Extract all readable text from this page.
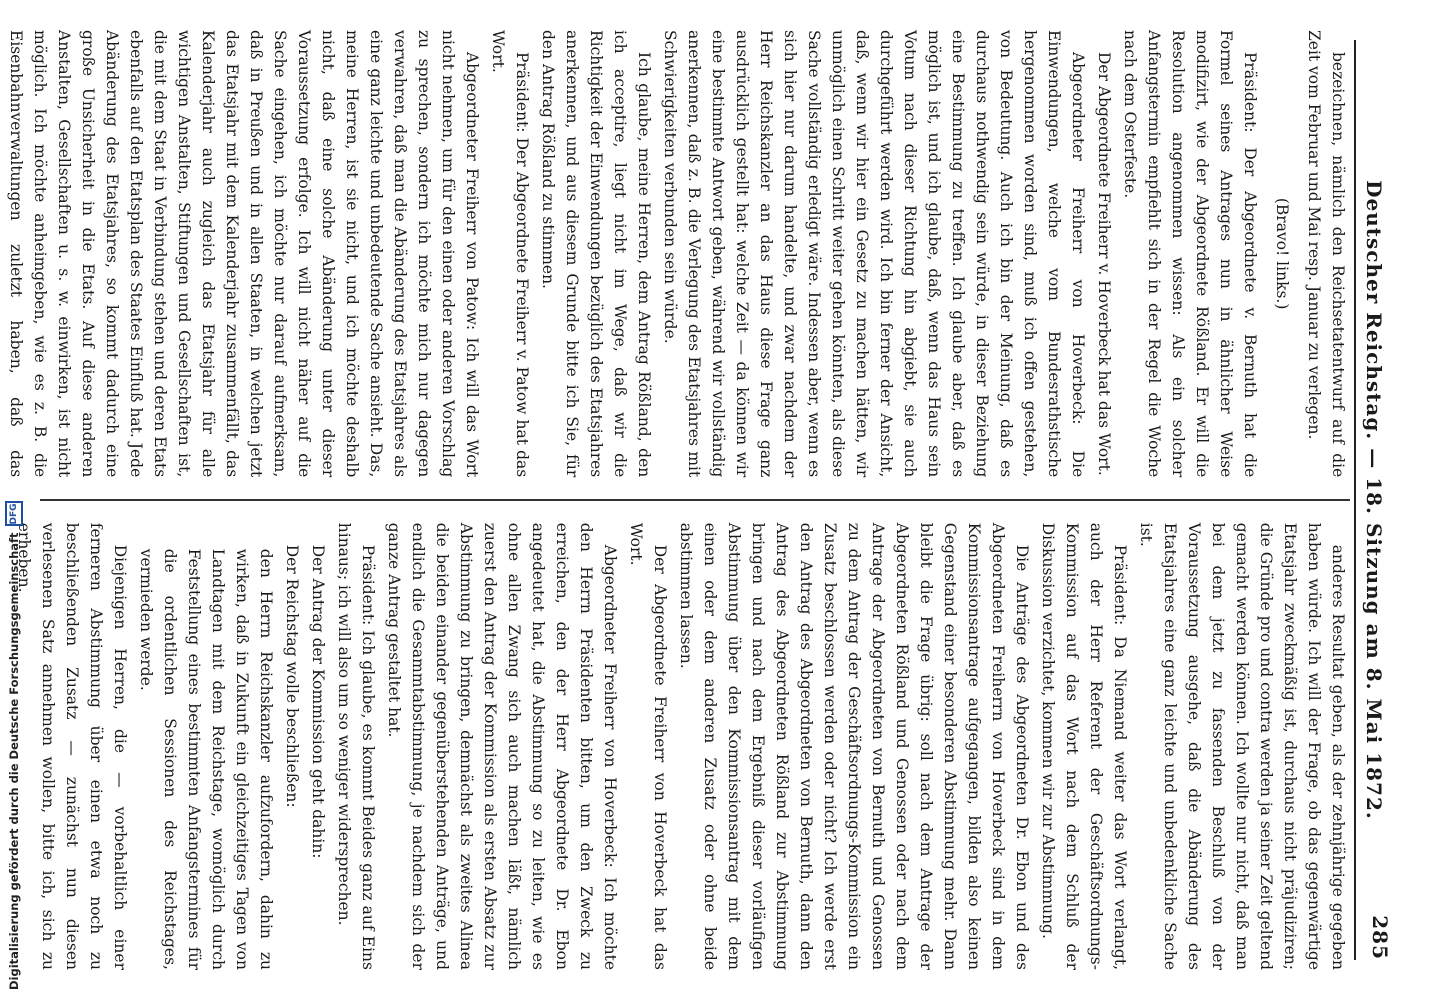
Deutscher Reichstag. — 18. Sitzung am 8. Mai 1872.
285

bezeichnen, nämlich den Reichsetatentwurf auf die Zeit vom Februar und Mai resp. Januar zu verlegen.

(Bravo! links.)

Präsident: Der Abgeordnete v. Bernuth hat die Formel seines Antrages nun in ähnlicher Weise modifizirt, wie der Abgeordnete Rößland. Er will die Resolution angenommen wissen: Als ein solcher Anfangstermin empfiehlt sich in der Regel die Woche nach dem Osterfeste.

Der Abgeordnete Freiherr v. Hoverbeck hat das Wort.

Abgeordneter Freiherr von Hoverbeck: Die Einwendungen, welche vom Bundesrathstische hergenommen worden sind, muß ich offen gestehen, von Bedeutung. Auch ich bin der Meinung, daß es durchaus nothwendig sein würde, in dieser Beziehung eine Bestimmung zu treffen. Ich glaube aber, daß es möglich ist, und ich glaube, daß, wenn das Haus sein Votum nach dieser Richtung hin abgiebt, sie auch durchgeführt werden wird. Ich bin ferner der Ansicht, daß, wenn wir hier ein Gesetz zu machen hätten, wir unmöglich einen Schritt weiter gehen könnten, als diese Sache vollständig erledigt wäre. Indessen aber, wenn es sich hier nur darum handelte, und zwar nachdem der Herr Reichskanzler an das Haus diese Frage ganz ausdrücklich gestellt hat: welche Zeit — da können wir eine bestimmte Antwort geben, während wir vollständig anerkennen, daß z. B. die Verlegung des Etatsjahres mit Schwierigkeiten verbunden sein würde.

Ich glaube, meine Herren, dem Antrag Rößland, den ich acceptire, liegt nicht im Wege, daß wir die Richtigkeit der Einwendungen bezüglich des Etatsjahres anerkennen, und aus diesem Grunde bitte ich Sie, für den Antrag Rößland zu stimmen.

Präsident: Der Abgeordnete Freiherr v. Patow hat das Wort.

Abgeordneter Freiherr von Patow: Ich will das Wort nicht nehmen, um für den einen oder anderen Vorschlag zu sprechen, sondern ich möchte mich nur dagegen verwahren, daß man die Abänderung des Etatsjahres als eine ganz leichte und unbedeutende Sache ansieht. Das, meine Herren, ist sie nicht, und ich möchte deshalb nicht, daß eine solche Abänderung unter dieser Voraussetzung erfolge. Ich will nicht näher auf die Sache eingehen, ich möchte nur darauf aufmerksam, daß in Preußen und in allen Staaten, in welchen jetzt das Etatsjahr mit dem Kalenderjahr zusammenfällt, das Kalenderjahr auch zugleich das Etatsjahr für alle wichtigen Anstalten, Stiftungen und Gesellschaften ist, die mit dem Staat in Verbindung stehen und deren Etats ebenfalls auf den Etatsplan des Staates Einfluß hat. Jede Abänderung des Etatsjahres, so kommt dadurch eine große Unsicherheit in die Etats. Auf diese anderen Anstalten, Gesellschaften u. s. w. einwirken, ist nicht möglich. Ich möchte anheimgeben, wie es z. B. die Eisenbahnverwaltungen zuletzt haben, daß das

anderes Resultat geben, als der zehnjährige gegeben haben würde. Ich will der Frage, ob das gegenwärtige Etatsjahr zweckmäßig ist, durchaus nicht präjudiziren; die Gründe pro und contra werden ja seiner Zeit geltend gemacht werden können. Ich wollte nur nicht, daß man bei dem jetzt zu fassenden Beschluß von der Voraussetzung ausgehe, daß die Abänderung des Etatsjahres eine ganz leichte und unbedenkliche Sache ist.

Präsident: Da Niemand weiter das Wort verlangt, auch der Herr Referent der Geschäftsordnungs-Kommission auf das Wort nach dem Schluß der Diskussion verzichtet, kommen wir zur Abstimmung.

Die Anträge des Abgeordneten Dr. Ebon und des Abgeordneten Freiherrn von Hoverbeck sind in dem Kommissionsantrage aufgegangen, bilden also keinen Gegenstand einer besonderen Abstimmung mehr. Dann bleibt die Frage übrig: soll nach dem Antrage der Abgeordneten Rößland und Genossen oder nach dem Antrage der Abgeordneten von Bernuth und Genossen zu dem Antrag der Geschäftsordnungs-Kommission ein Zusatz beschlossen werden oder nicht? Ich werde erst den Antrag des Abgeordneten von Bernuth, dann den Antrag des Abgeordneten Rößland zur Abstimmung bringen und nach dem Ergebniß dieser vorläufigen Abstimmung über den Kommissionsantrag mit dem einen oder dem anderen Zusatz oder ohne beide abstimmen lassen.

Der Abgeordnete Freiherr von Hoverbeck hat das Wort.

Abgeordneter Freiherr von Hoverbeck: Ich möchte den Herrn Präsidenten bitten, um den Zweck zu erreichen, den der Herr Abgeordnete Dr. Ebon angedeutet hat, die Abstimmung so zu leiten, wie es ohne allen Zwang sich auch machen läßt, nämlich zuerst den Antrag der Kommission als ersten Absatz zur Abstimmung zu bringen, demnächst als zweites Alinea die beiden einander gegenüberstehenden Anträge, und endlich die Gesammtabstimmung, je nachdem sich der ganze Antrag gestaltet hat.

Präsident: Ich glaube, es kommt Beides ganz auf Eins hinaus; ich will also um so weniger widersprechen.

Der Antrag der Kommission geht dahin:

Der Reichstag wolle beschließen:

den Herrn Reichskanzler aufzufordern, dahin zu wirken, daß in Zukunft ein gleichzeitiges Tagen von Landtagen mit dem Reichstage, womöglich durch Feststellung eines bestimmten Anfangstermines für die ordentlichen Sessionen des Reichstages, vermieden werde.

Diejenigen Herren, die — vorbehaltlich einer ferneren Abstimmung über einen etwa noch zu beschließenden Zusatz — zunächst nun diesen verlesenen Satz annehmen wollen, bitte ich, sich zu erheben.

Digitalisierung gefördert durch die Deutsche Forschungsgemeinschaft
DFG
